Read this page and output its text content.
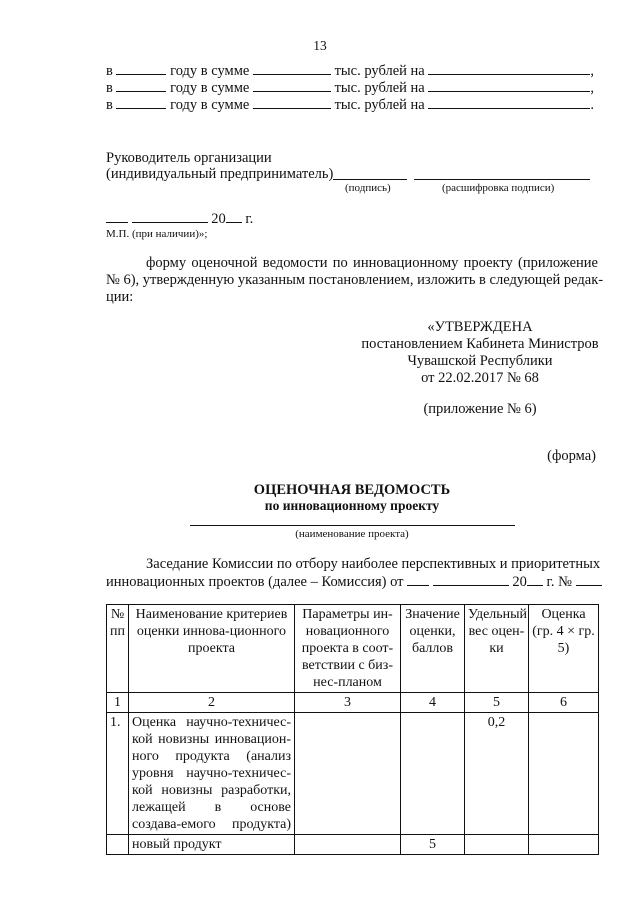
13
в	году в сумме	тыс. рублей на	,
в	году в сумме	тыс. рублей на	,
в	году в сумме	тыс. рублей на	.
Руководитель организации
(индивидуальный предприниматель)
(подпись)	(расшифровка подписи)
20 г.
М.П. (при наличии)»;
форму оценочной ведомости по инновационному проекту (приложение
№ 6), утвержденную указанным постановлением, изложить в следующей редак-
ции:
«УТВЕРЖДЕНА
постановлением Кабинета Министров
Чувашской Республики
от 22.02.2017 № 68
(приложение № 6)
(форма)
ОЦЕНОЧНАЯ ВЕДОМОСТЬ
по инновационному проекту
(наименование проекта)
Заседание Комиссии по отбору наиболее перспективных и приоритетных
инновационных проектов (далее – Комиссия) от	20 г. №
№ пп	Наименование критериев оценки иннова-ционного проекта	Параметры ин-новационного проекта в соот-ветствии с биз-нес-планом	Значение оценки, баллов	Удельный вес оцен-ки	Оценка (гр. 4 × гр. 5)
1	2	3	4	5	6
1.	Оценка научно-техничес-кой новизны инновацион-ного продукта (анализ уровня научно-техничес-кой новизны разработки, лежащей в основе создава-емого продукта)			0,2	
	новый продукт		5		
